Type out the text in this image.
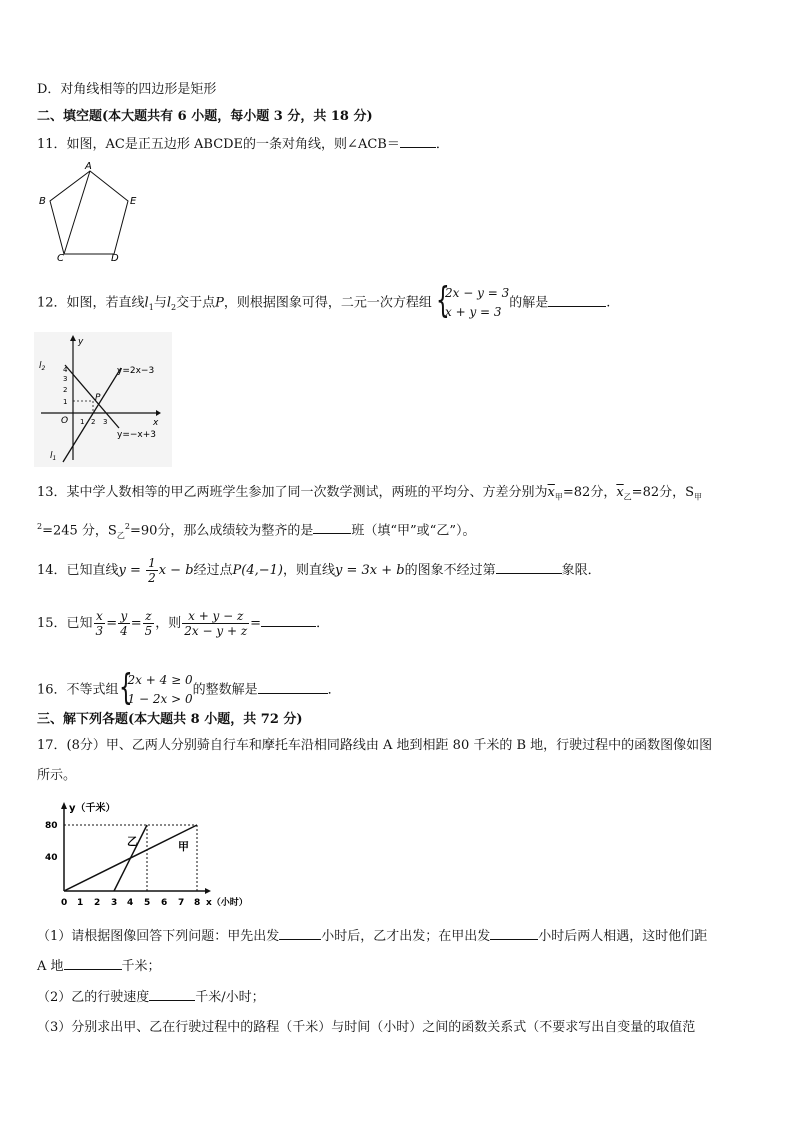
D．对角线相等的四边形是矩形
二、填空题(本大题共有 6 小题，每小题 3 分，共 18 分)
11．如图，AC是正五边形 ABCDE的一条对角线，则∠ACB＝	．
A
B
C	D
E
12．如图，若直线$l_1$与$l_2$交于点P，则根据图象可得，二元一次方程组 {
2x − y = 3
x + y = 3
的解是	.
y
x
O
4
3
2
1
1 2 3
P
$l_2$
$l_1$
y=2x−3
y=−x+3
13．某中学人数相等的甲乙两班学生参加了同一次数学测试，两班的平均分、方差分别为$\overline{x}_甲=82$分，$\overline{x}_乙=82$分，$S_甲$
$^2$=245 分，$S_乙^2=90$分，那么成绩较为整齐的是	班（填“甲”或“乙”）。
14．已知直线$y = \frac{1}{2}$ x − b经过点P(4,−1)，则直线y = 3x + b的图象不经过第	象限．
15．已知 $\frac{x}{3} = \frac{y}{4} = \frac{z}{5}$ ，则 $\frac{x + y - z}{2x - y + z}$ =	．
16．不等式组 {
2x + 4 ≥ 0
1 − 2x > 0
的整数解是	．
三、解下列各题(本大题共 8 小题，共 72 分)
17．(8分）甲、乙两人分别骑自行车和摩托车沿相同路线由 A 地到相距 80 千米的 B 地，行驶过程中的函数图像如图
所示。
y（千米）
x（小时）
80
40
0 1 2 3 4 5 6 7 8
乙	甲
（1）请根据图像回答下列问题：甲先出发	小时后，乙才出发；在甲出发	小时后两人相遇，这时他们距
A 地	千米；
（2）乙的行驶速度	千米/小时；
（3）分别求出甲、乙在行驶过程中的路程（千米）与时间（小时）之间的函数关系式（不要求写出自变量的取值范
